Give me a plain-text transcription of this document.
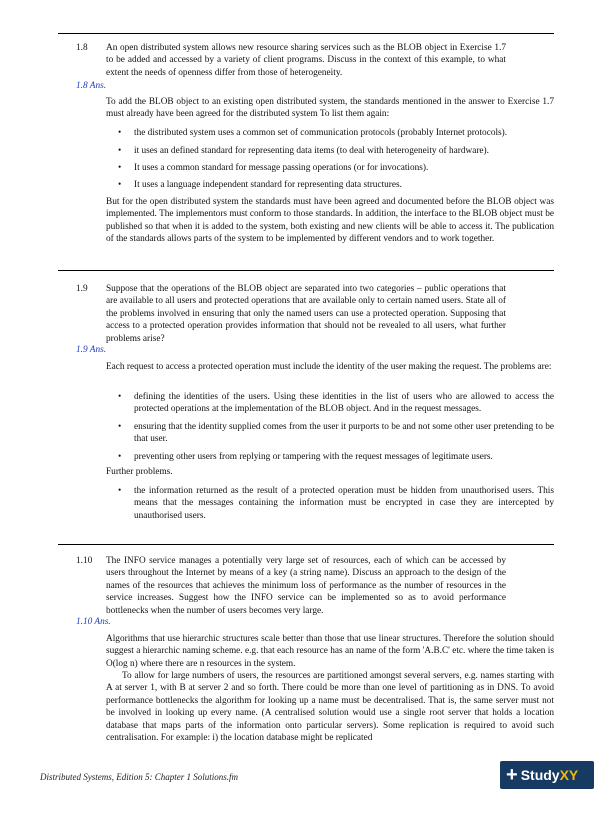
1.8 An open distributed system allows new resource sharing services such as the BLOB object in Exercise 1.7 to be added and accessed by a variety of client programs. Discuss in the context of this example, to what extent the needs of openness differ from those of heterogeneity.
1.8 Ans.
To add the BLOB object to an existing open distributed system, the standards mentioned in the answer to Exercise 1.7 must already have been agreed for the distributed system To list them again:
• the distributed system uses a common set of communication protocols (probably Internet protocols).
• it uses an defined standard for representing data items (to deal with heterogeneity of hardware).
• It uses a common standard for message passing operations (or for invocations).
• It uses a language independent standard for representing data structures.
But for the open distributed system the standards must have been agreed and documented before the BLOB object was implemented. The implementors must conform to those standards. In addition, the interface to the BLOB object must be published so that when it is added to the system, both existing and new clients will be able to access it. The publication of the standards allows parts of the system to be implemented by different vendors and to work together.
1.9 Suppose that the operations of the BLOB object are separated into two categories – public operations that are available to all users and protected operations that are available only to certain named users. State all of the problems involved in ensuring that only the named users can use a protected operation. Supposing that access to a protected operation provides information that should not be revealed to all users, what further problems arise?
1.9 Ans.
Each request to access a protected operation must include the identity of the user making the request. The problems are:
• defining the identities of the users. Using these identities in the list of users who are allowed to access the protected operations at the implementation of the BLOB object. And in the request messages.
• ensuring that the identity supplied comes from the user it purports to be and not some other user pretending to be that user.
• preventing other users from replying or tampering with the request messages of legitimate users.
Further problems.
• the information returned as the result of a protected operation must be hidden from unauthorised users. This means that the messages containing the information must be encrypted in case they are intercepted by unauthorised users.
1.10 The INFO service manages a potentially very large set of resources, each of which can be accessed by users throughout the Internet by means of a key (a string name). Discuss an approach to the design of the names of the resources that achieves the minimum loss of performance as the number of resources in the service increases. Suggest how the INFO service can be implemented so as to avoid performance bottlenecks when the number of users becomes very large.
1.10 Ans.
Algorithms that use hierarchic structures scale better than those that use linear structures. Therefore the solution should suggest a hierarchic naming scheme. e.g. that each resource has an name of the form 'A.B.C' etc. where the time taken is O(log n) where there are n resources in the system.
To allow for large numbers of users, the resources are partitioned amongst several servers, e.g. names starting with A at server 1, with B at server 2 and so forth. There could be more than one level of partitioning as in DNS. To avoid performance bottlenecks the algorithm for looking up a name must be decentralised. That is, the same server must not be involved in looking up every name. (A centralised solution would use a single root server that holds a location database that maps parts of the information onto particular servers). Some replication is required to avoid such centralisation. For example: i) the location database might be replicated
Distributed Systems, Edition 5: Chapter 1 Solutions.fm	+ StudyXY
